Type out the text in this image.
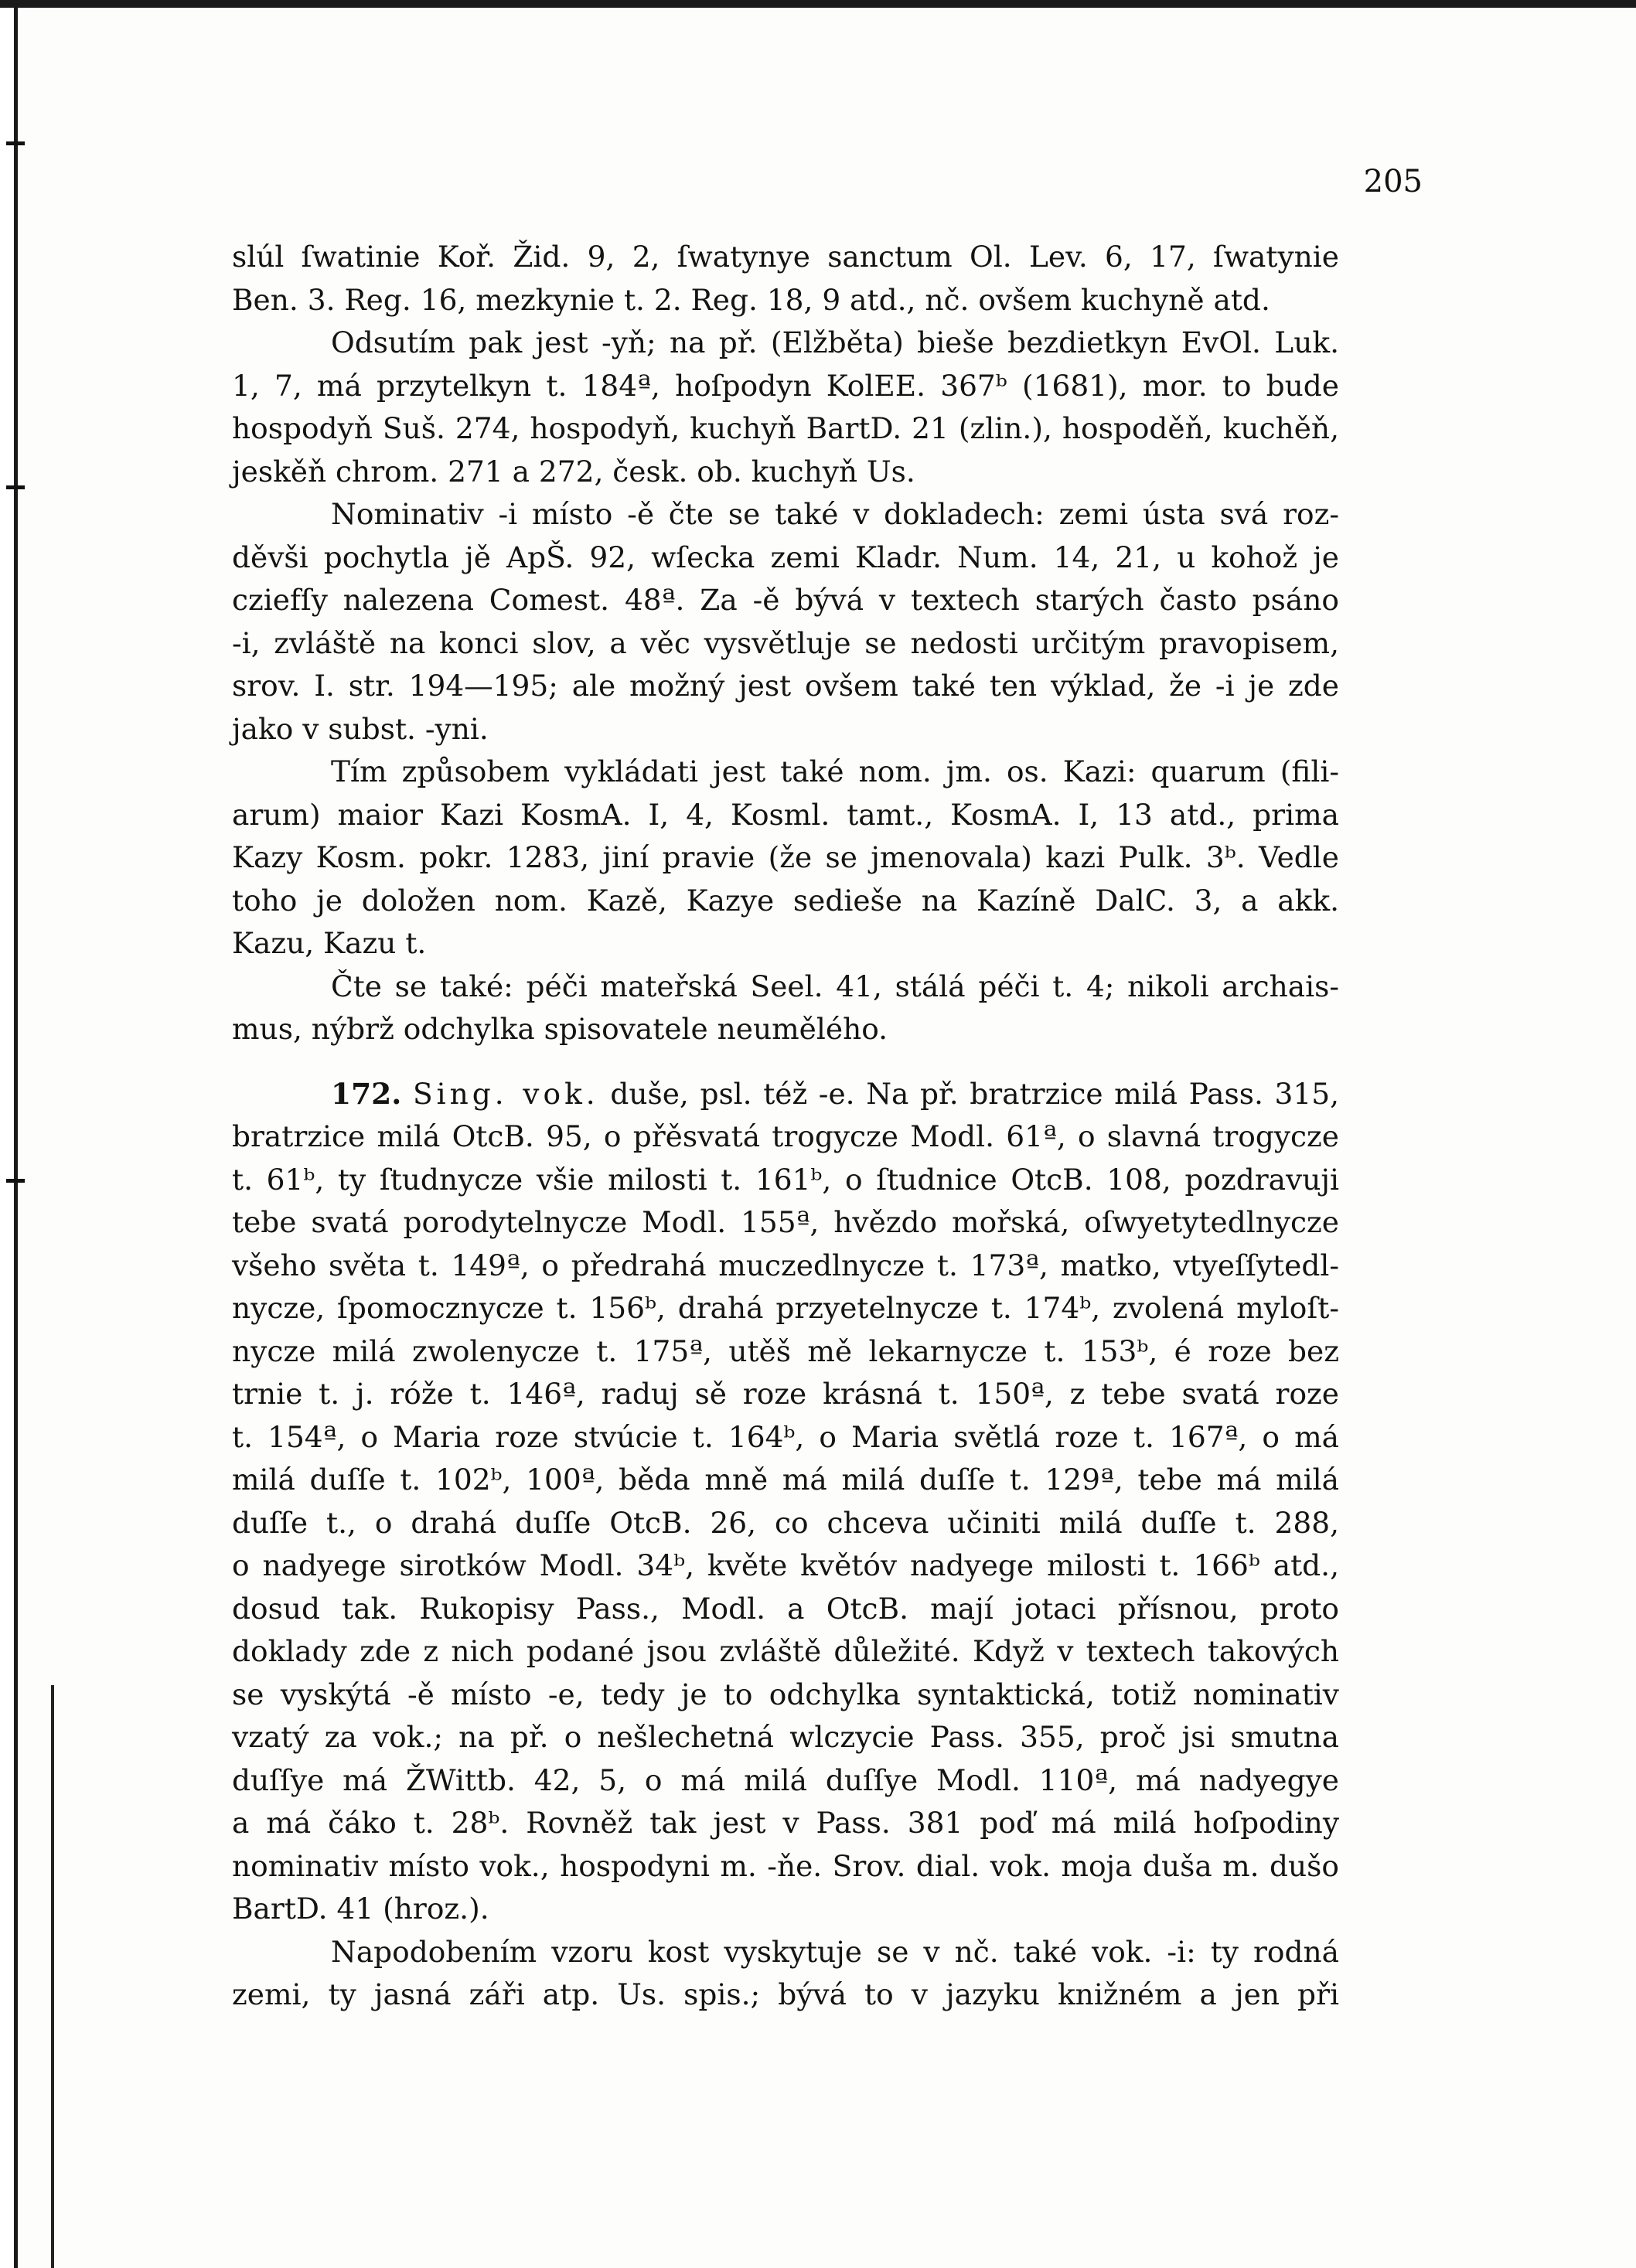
205

slúl ſwatinie Koř. Žid. 9, 2, ſwatynye sanctum Ol. Lev. 6, 17, ſwatynie

Ben. 3. Reg. 16, mezkynie t. 2. Reg. 18, 9 atd., nč. ovšem kuchyně atd.

Odsutím pak jest -yň; na př. (Elžběta) bieše bezdietkyn EvOl. Luk.

1, 7, má przytelkyn t. 184ª, hoſpodyn KolEE. 367ᵇ (1681), mor. to bude

hospodyň Suš. 274, hospodyň, kuchyň BartD. 21 (zlin.), hospoděň, kuchěň,

jeskěň chrom. 271 a 272, česk. ob. kuchyň Us.

Nominativ -i místo -ě čte se také v dokladech: zemi ústa svá roz-

děvši pochytla jě ApŠ. 92, wſecka zemi Kladr. Num. 14, 21, u kohož je

cziefſy nalezena Comest. 48ª. Za -ě bývá v textech starých často psáno

-i, zvláště na konci slov, a věc vysvětluje se nedosti určitým pravopisem,

srov. I. str. 194—195; ale možný jest ovšem také ten výklad, že -i je zde

jako v subst. -yni.

Tím způsobem vykládati jest také nom. jm. os. Kazi: quarum (fili-

arum) maior Kazi KosmA. I, 4, Kosml. tamt., KosmA. I, 13 atd., prima

Kazy Kosm. pokr. 1283, jiní pravie (že se jmenovala) kazi Pulk. 3ᵇ. Vedle

toho je doložen nom. Kazě, Kazye sedieše na Kazíně DalC. 3, a akk.

Kazu, Kazu t.

Čte se také: péči mateřská Seel. 41, stálá péči t. 4; nikoli archais-

mus, nýbrž odchylka spisovatele neumělého.

172. Sing. vok. duše, psl. též -e. Na př. bratrzice milá Pass. 315,

bratrzice milá OtcB. 95, o přěsvatá trogycze Modl. 61ª, o slavná trogycze

t. 61ᵇ, ty ſtudnycze všie milosti t. 161ᵇ, o ſtudnice OtcB. 108, pozdravuji

tebe svatá porodytelnycze Modl. 155ª, hvězdo mořská, oſwyetytedlnycze

všeho světa t. 149ª, o předrahá muczedlnycze t. 173ª, matko, vtyeſſytedl-

nycze, ſpomocznycze t. 156ᵇ, drahá przyetelnycze t. 174ᵇ, zvolená myloſt-

nycze milá zwolenycze t. 175ª, utěš mě lekarnycze t. 153ᵇ, é roze bez

trnie t. j. róže t. 146ª, raduj sě roze krásná t. 150ª, z tebe svatá roze

t. 154ª, o Maria roze stvúcie t. 164ᵇ, o Maria světlá roze t. 167ª, o má

milá duſſe t. 102ᵇ, 100ª, běda mně má milá duſſe t. 129ª, tebe má milá

duſſe t., o drahá duſſe OtcB. 26, co chceva učiniti milá duſſe t. 288,

o nadyege sirotków Modl. 34ᵇ, květe květóv nadyege milosti t. 166ᵇ atd.,

dosud tak. Rukopisy Pass., Modl. a OtcB. mají jotaci přísnou, proto

doklady zde z nich podané jsou zvláště důležité. Když v textech takových

se vyskýtá -ě místo -e, tedy je to odchylka syntaktická, totiž nominativ

vzatý za vok.; na př. o nešlechetná wlczycie Pass. 355, proč jsi smutna

duſſye má ŽWittb. 42, 5, o má milá duſſye Modl. 110ª, má nadyegye

a má čáko t. 28ᵇ. Rovněž tak jest v Pass. 381 poď má milá hoſpodiny

nominativ místo vok., hospodyni m. -ňe. Srov. dial. vok. moja duša m. dušo

BartD. 41 (hroz.).

Napodobením vzoru kost vyskytuje se v nč. také vok. -i: ty rodná

zemi, ty jasná záři atp. Us. spis.; bývá to v jazyku knižném a jen při
